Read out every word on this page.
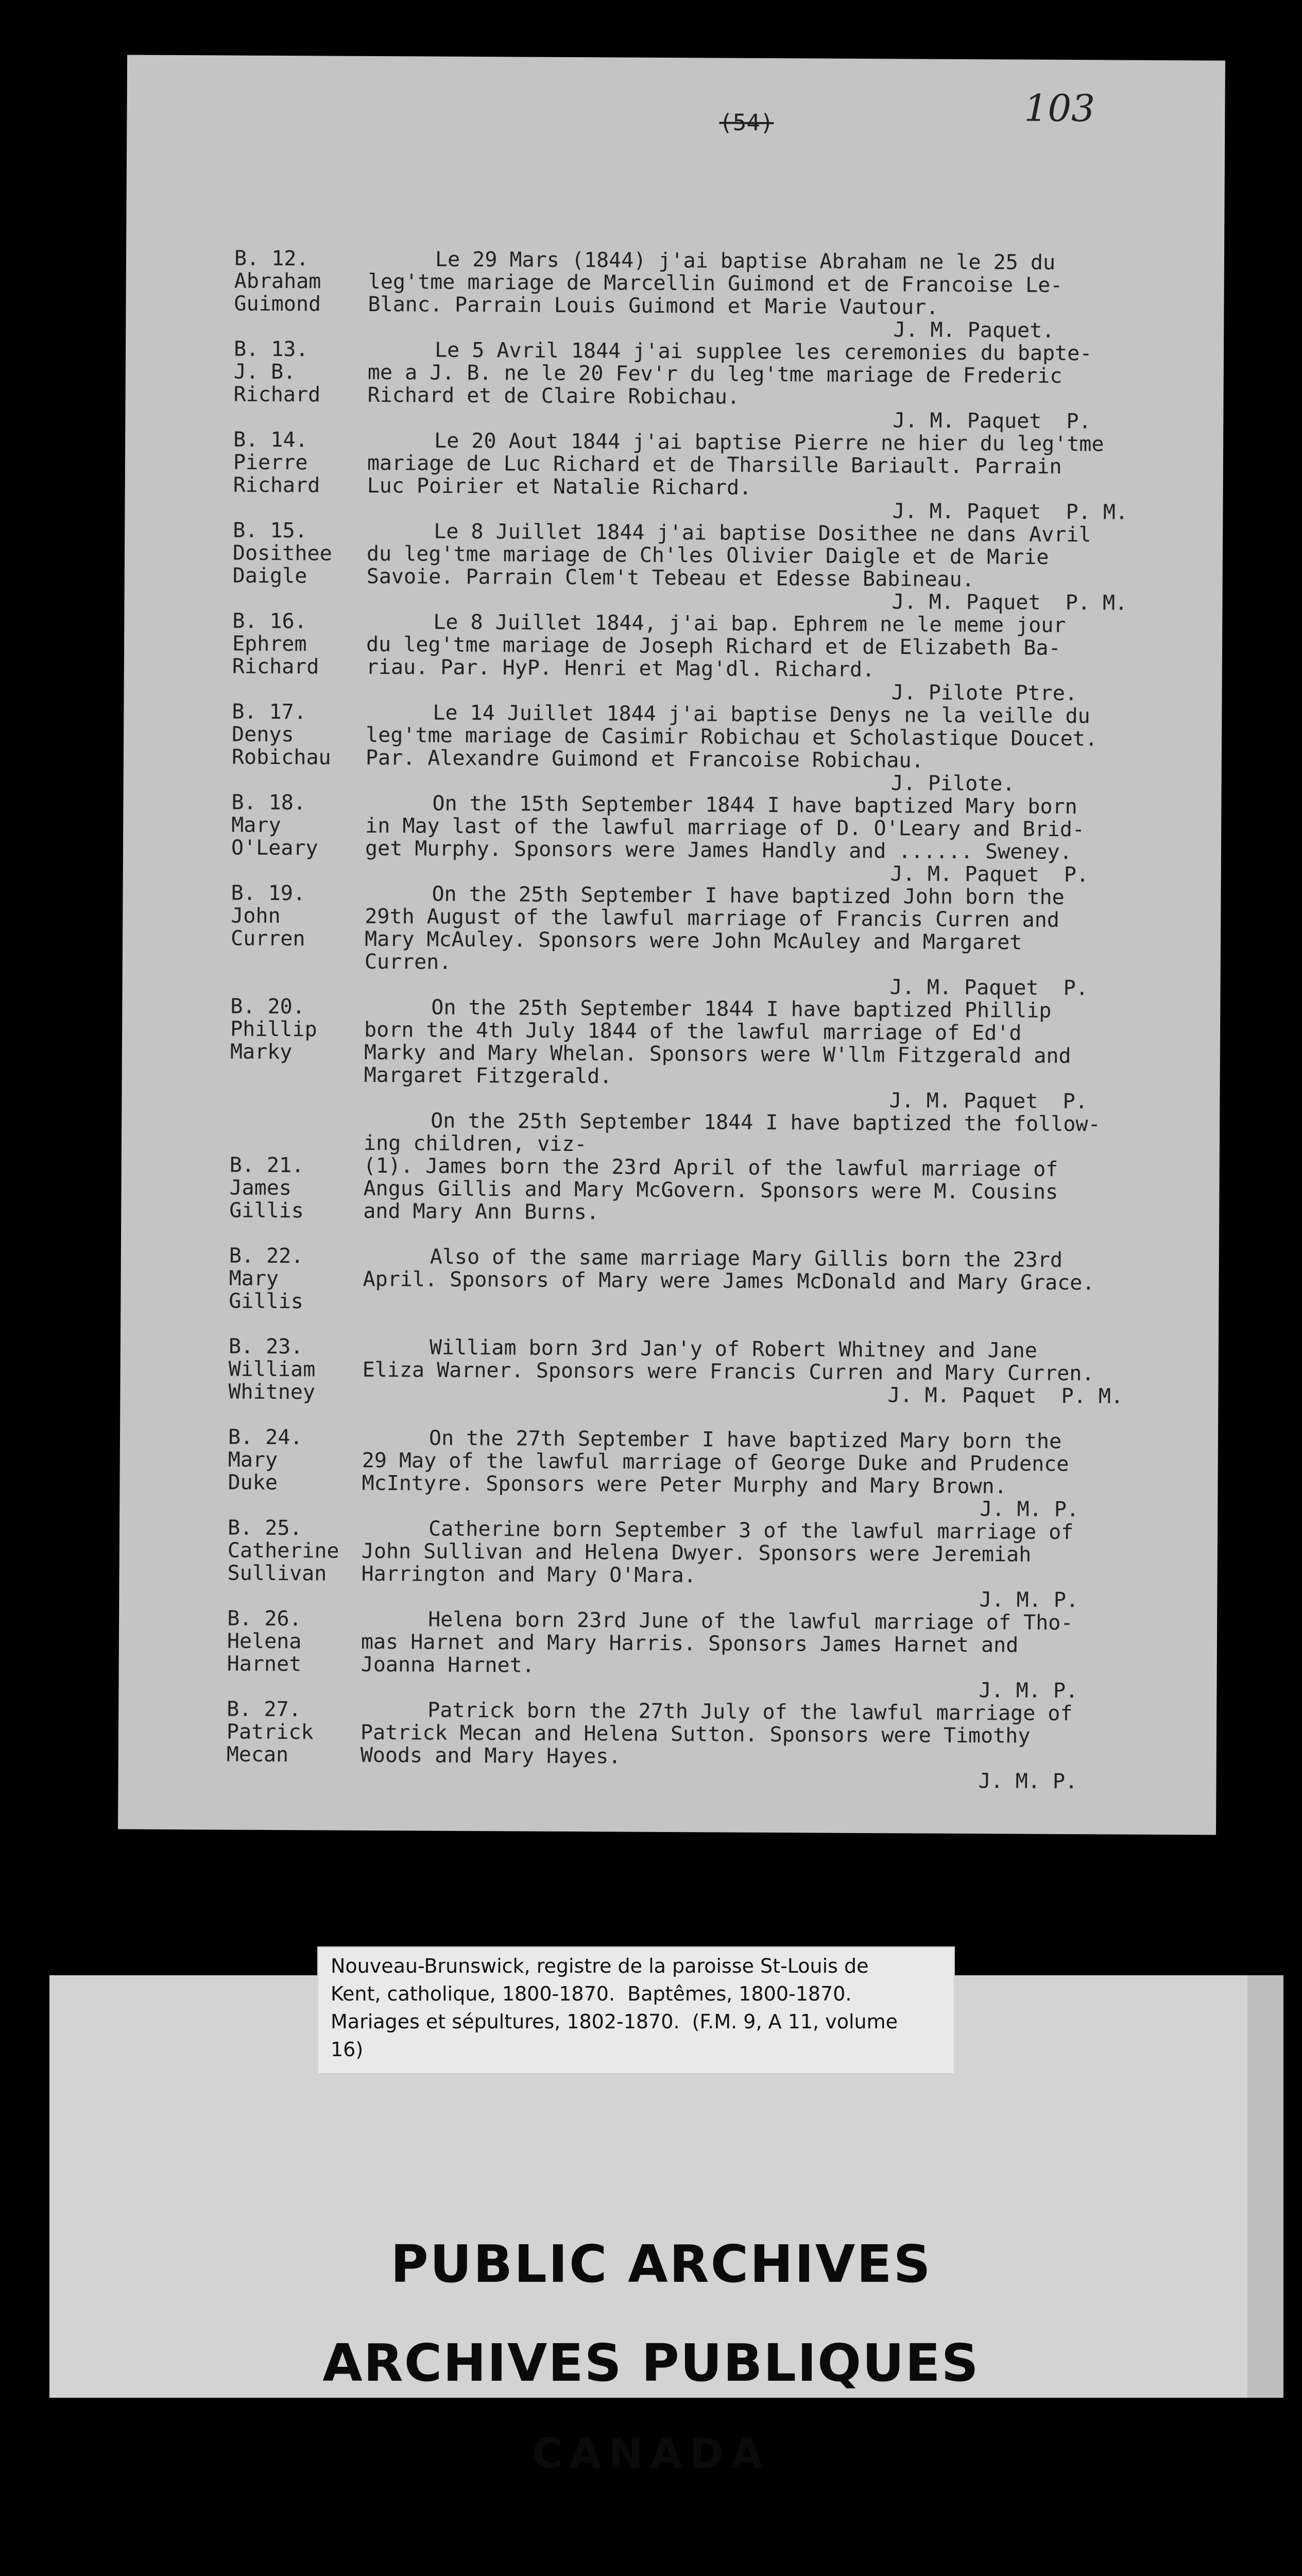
(54)	103
B. 12.
Abraham
Guimond
Le 29 Mars (1844) j'ai baptise Abraham ne le 25 du
leg'tme mariage de Marcellin Guimond et de Francoise Le-
Blanc. Parrain Louis Guimond et Marie Vautour.
J. M. Paquet.
B. 13.
J. B.
Richard
Le 5 Avril 1844 j'ai supplee les ceremonies du bapte-
me a J. B. ne le 20 Fev'r du leg'tme mariage de Frederic
Richard et de Claire Robichau.
J. M. Paquet  P.
B. 14.
Pierre
Richard
Le 20 Aout 1844 j'ai baptise Pierre ne hier du leg'tme
mariage de Luc Richard et de Tharsille Bariault. Parrain
Luc Poirier et Natalie Richard.
J. M. Paquet  P. M.
B. 15.
Dosithee
Daigle
Le 8 Juillet 1844 j'ai baptise Dosithee ne dans Avril
du leg'tme mariage de Ch'les Olivier Daigle et de Marie
Savoie. Parrain Clem't Tebeau et Edesse Babineau.
J. M. Paquet  P. M.
B. 16.
Ephrem
Richard
Le 8 Juillet 1844, j'ai bap. Ephrem ne le meme jour
du leg'tme mariage de Joseph Richard et de Elizabeth Ba-
riau. Par. HyP. Henri et Mag'dl. Richard.
J. Pilote Ptre.
B. 17.
Denys
Robichau
Le 14 Juillet 1844 j'ai baptise Denys ne la veille du
leg'tme mariage de Casimir Robichau et Scholastique Doucet.
Par. Alexandre Guimond et Francoise Robichau.
J. Pilote.
B. 18.
Mary
O'Leary
On the 15th September 1844 I have baptized Mary born
in May last of the lawful marriage of D. O'Leary and Brid-
get Murphy. Sponsors were James Handly and ...... Sweney.
J. M. Paquet  P.
B. 19.
John
Curren
On the 25th September I have baptized John born the
29th August of the lawful marriage of Francis Curren and
Mary McAuley. Sponsors were John McAuley and Margaret
Curren.
J. M. Paquet  P.
B. 20.
Phillip
Marky
On the 25th September 1844 I have baptized Phillip
born the 4th July 1844 of the lawful marriage of Ed'd
Marky and Mary Whelan. Sponsors were W'llm Fitzgerald and
Margaret Fitzgerald.
J. M. Paquet  P.
On the 25th September 1844 I have baptized the follow-
ing children, viz-
B. 21.
James
Gillis
(1). James born the 23rd April of the lawful marriage of
Angus Gillis and Mary McGovern. Sponsors were M. Cousins
and Mary Ann Burns.
B. 22.
Mary
Gillis
Also of the same marriage Mary Gillis born the 23rd
April. Sponsors of Mary were James McDonald and Mary Grace.
B. 23.
William
Whitney
William born 3rd Jan'y of Robert Whitney and Jane
Eliza Warner. Sponsors were Francis Curren and Mary Curren.
J. M. Paquet  P. M.
B. 24.
Mary
Duke
On the 27th September I have baptized Mary born the
29 May of the lawful marriage of George Duke and Prudence
McIntyre. Sponsors were Peter Murphy and Mary Brown.
J. M. P.
B. 25.
Catherine
Sullivan
Catherine born September 3 of the lawful marriage of
John Sullivan and Helena Dwyer. Sponsors were Jeremiah
Harrington and Mary O'Mara.
J. M. P.
B. 26.
Helena
Harnet
Helena born 23rd June of the lawful marriage of Tho-
mas Harnet and Mary Harris. Sponsors James Harnet and
Joanna Harnet.
J. M. P.
B. 27.
Patrick
Mecan
Patrick born the 27th July of the lawful marriage of
Patrick Mecan and Helena Sutton. Sponsors were Timothy
Woods and Mary Hayes.
J. M. P.
Nouveau-Brunswick, registre de la paroisse St-Louis de
Kent, catholique, 1800-1870.  Baptêmes, 1800-1870.
Mariages et sépultures, 1802-1870.  (F.M. 9, A 11, volume
16)
PUBLIC ARCHIVES
ARCHIVES PUBLIQUES
CANADA
